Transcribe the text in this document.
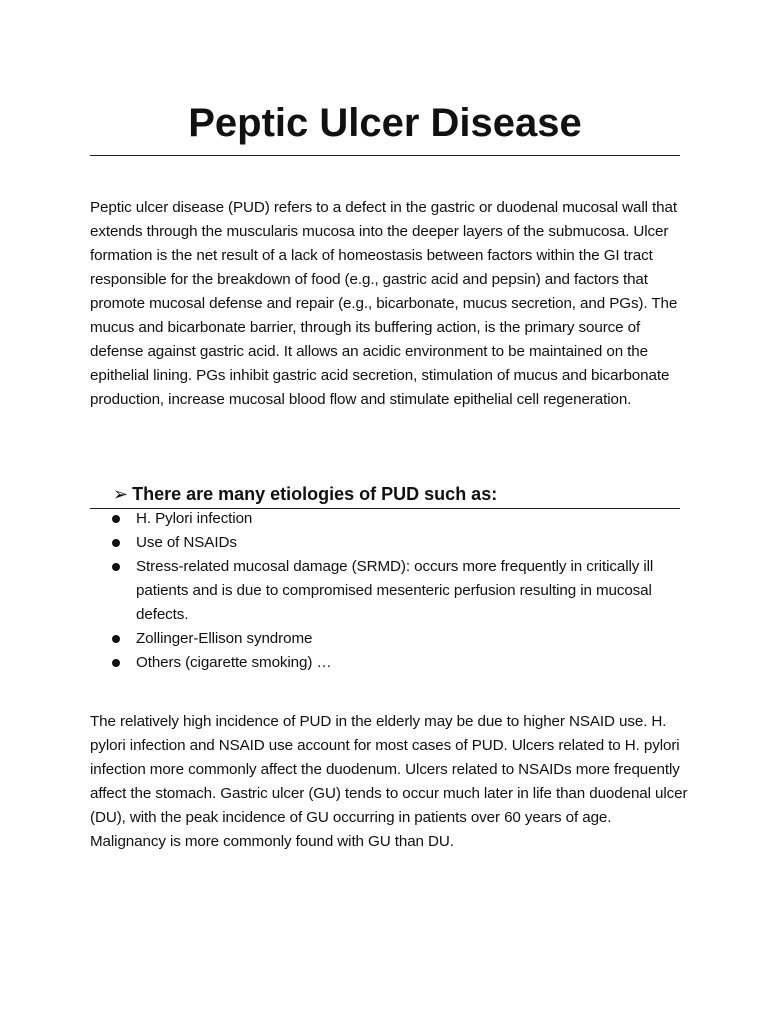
Peptic Ulcer Disease

Peptic ulcer disease (PUD) refers to a defect in the gastric or duodenal mucosal wall that extends through the muscularis mucosa into the deeper layers of the submucosa. Ulcer formation is the net result of a lack of homeostasis between factors within the GI tract responsible for the breakdown of food (e.g., gastric acid and pepsin) and factors that promote mucosal defense and repair (e.g., bicarbonate, mucus secretion, and PGs). The mucus and bicarbonate barrier, through its buffering action, is the primary source of defense against gastric acid. It allows an acidic environment to be maintained on the epithelial lining. PGs inhibit gastric acid secretion, stimulation of mucus and bicarbonate production, increase mucosal blood flow and stimulate epithelial cell regeneration.

➢ There are many etiologies of PUD such as:
H. Pylori infection
Use of NSAIDs
Stress-related mucosal damage (SRMD): occurs more frequently in critically ill patients and is due to compromised mesenteric perfusion resulting in mucosal defects.
Zollinger-Ellison syndrome
Others (cigarette smoking) …

The relatively high incidence of PUD in the elderly may be due to higher NSAID use. H. pylori infection and NSAID use account for most cases of PUD. Ulcers related to H. pylori infection more commonly affect the duodenum. Ulcers related to NSAIDs more frequently affect the stomach. Gastric ulcer (GU) tends to occur much later in life than duodenal ulcer (DU), with the peak incidence of GU occurring in patients over 60 years of age. Malignancy is more commonly found with GU than DU.
